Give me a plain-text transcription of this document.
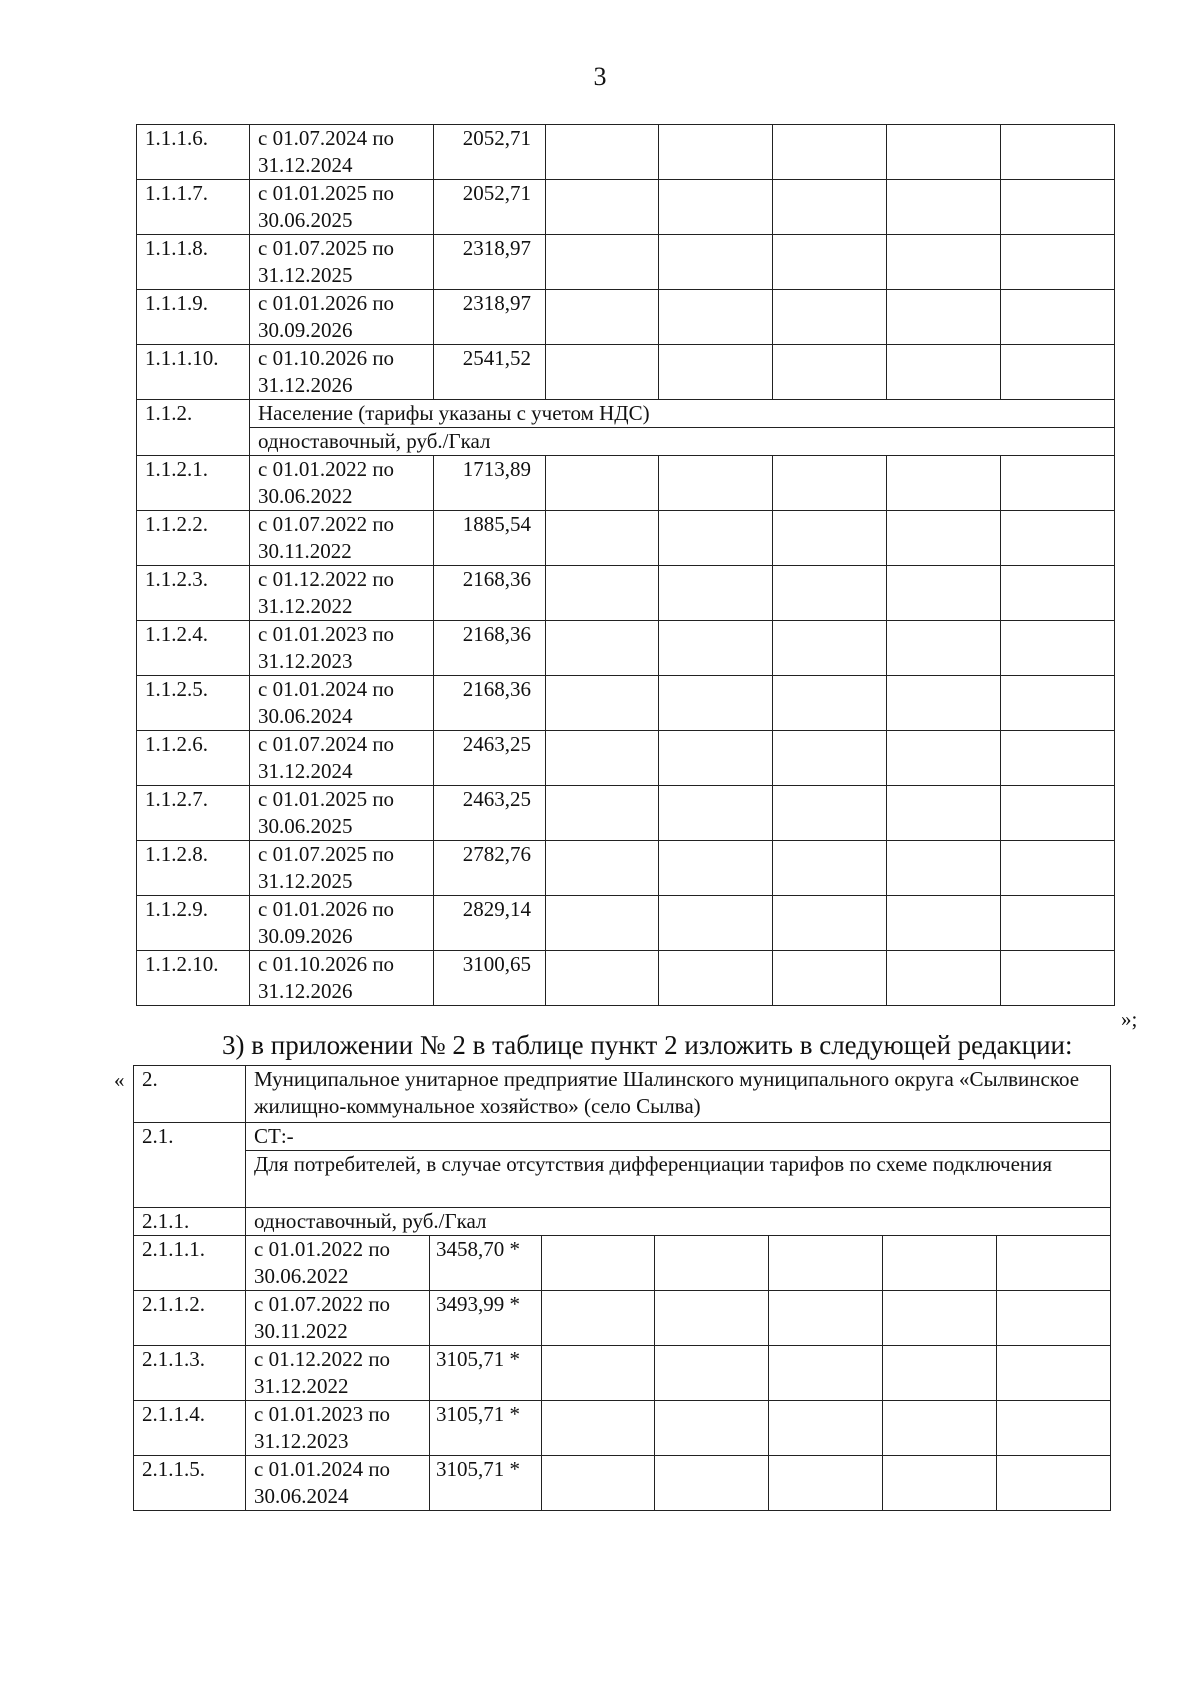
3
1.1.1.6.	с 01.07.2024 по 31.12.2024	2052,71					
1.1.1.7.	с 01.01.2025 по 30.06.2025	2052,71					
1.1.1.8.	с 01.07.2025 по 31.12.2025	2318,97					
1.1.1.9.	с 01.01.2026 по 30.09.2026	2318,97					
1.1.1.10.	с 01.10.2026 по 31.12.2026	2541,52					
1.1.2.	Население (тарифы указаны с учетом НДС)						
	одноставочный, руб./Гкал						
1.1.2.1.	с 01.01.2022 по 30.06.2022	1713,89					
1.1.2.2.	с 01.07.2022 по 30.11.2022	1885,54					
1.1.2.3.	с 01.12.2022 по 31.12.2022	2168,36					
1.1.2.4.	с 01.01.2023 по 31.12.2023	2168,36					
1.1.2.5.	с 01.01.2024 по 30.06.2024	2168,36					
1.1.2.6.	с 01.07.2024 по 31.12.2024	2463,25					
1.1.2.7.	с 01.01.2025 по 30.06.2025	2463,25					
1.1.2.8.	с 01.07.2025 по 31.12.2025	2782,76					
1.1.2.9.	с 01.01.2026 по 30.09.2026	2829,14					
1.1.2.10.	с 01.10.2026 по 31.12.2026	3100,65					
»;
3) в приложении № 2 в таблице пункт 2 изложить в следующей редакции:
« 2.	Муниципальное унитарное предприятие Шалинского муниципального округа «Сылвинское жилищно-коммунальное хозяйство» (село Сылва)						
2.1.	СТ:-						
	Для потребителей, в случае отсутствия дифференциации тарифов по схеме подключения						
2.1.1.	одноставочный, руб./Гкал						
2.1.1.1.	с 01.01.2022 по 30.06.2022	3458,70 *					
2.1.1.2.	с 01.07.2022 по 30.11.2022	3493,99 *					
2.1.1.3.	с 01.12.2022 по 31.12.2022	3105,71 *					
2.1.1.4.	с 01.01.2023 по 31.12.2023	3105,71 *					
2.1.1.5.	с 01.01.2024 по 30.06.2024	3105,71 *					
